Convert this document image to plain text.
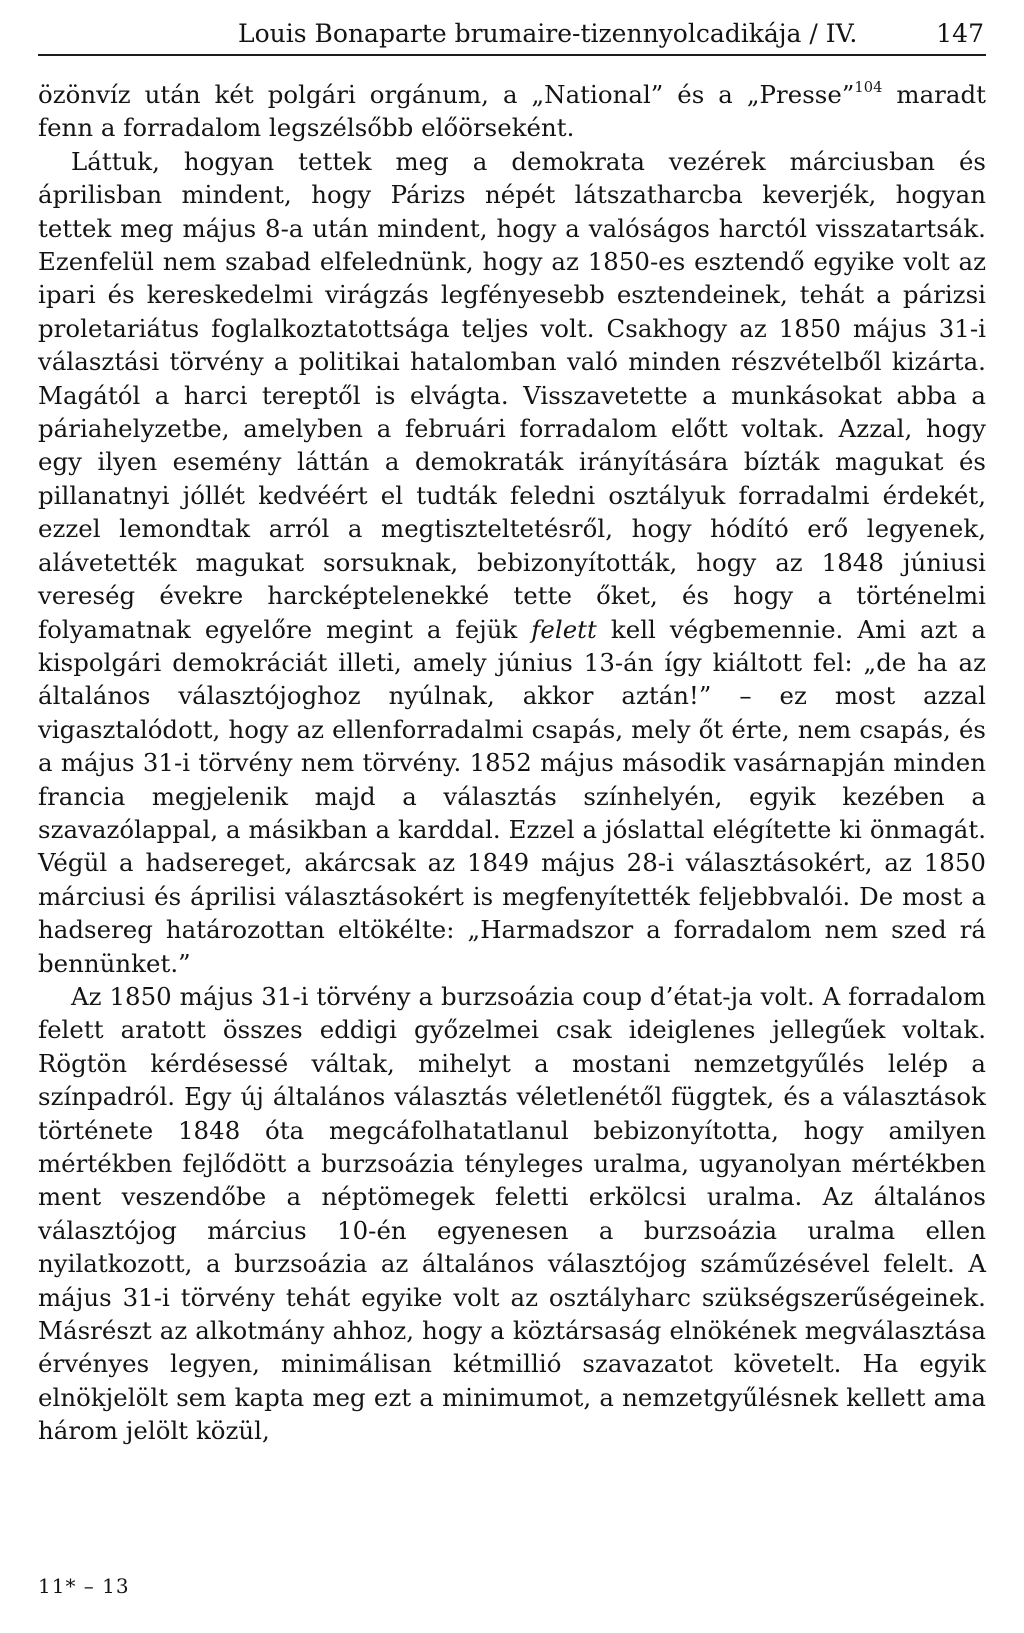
Louis Bonaparte brumaire-tizennyolcadikája / IV.	147

özönvíz után két polgári orgánum, a „National” és a „Presse”$^{104}$ maradt fenn a forradalom legszélsőbb előörseként.

Láttuk, hogyan tettek meg a demokrata vezérek márciusban és áprilisban mindent, hogy Párizs népét látszatharcba keverjék, hogyan tettek meg május 8-a után mindent, hogy a valóságos harctól visszatartsák. Ezenfelül nem szabad elfelednünk, hogy az 1850-es esztendő egyike volt az ipari és kereskedelmi virágzás legfényesebb esztendeinek, tehát a párizsi proletariátus foglalkoztatottsága teljes volt. Csakhogy az 1850 május 31-i választási törvény a politikai hatalomban való minden részvételből kizárta. Magától a harci tereptől is elvágta. Visszavetette a munkásokat abba a páriahelyzetbe, amelyben a februári forradalom előtt voltak. Azzal, hogy egy ilyen esemény láttán a demokraták irányítására bízták magukat és pillanatnyi jóllét kedvéért el tudták feledni osztályuk forradalmi érdekét, ezzel lemondtak arról a megtiszteltetésről, hogy hódító erő legyenek, alávetették magukat sorsuknak, bebizonyították, hogy az 1848 júniusi vereség évekre harcképtelenekké tette őket, és hogy a történelmi folyamatnak egyelőre megint a fejük felett kell végbemennie. Ami azt a kispolgári demokráciát illeti, amely június 13-án így kiáltott fel: „de ha az általános választójoghoz nyúlnak, akkor aztán!” – ez most azzal vigasztalódott, hogy az ellenforradalmi csapás, mely őt érte, nem csapás, és a május 31-i törvény nem törvény. 1852 május második vasárnapján minden francia megjelenik majd a választás színhelyén, egyik kezében a szavazólappal, a másikban a karddal. Ezzel a jóslattal elégítette ki önmagát. Végül a hadsereget, akárcsak az 1849 május 28-i választásokért, az 1850 márciusi és áprilisi választásokért is megfenyítették feljebbvalói. De most a hadsereg határozottan eltökélte: „Harmadszor a forradalom nem szed rá bennünket.”

Az 1850 május 31-i törvény a burzsoázia coup d’état-ja volt. A forradalom felett aratott összes eddigi győzelmei csak ideiglenes jellegűek voltak. Rögtön kérdésessé váltak, mihelyt a mostani nemzetgyűlés lelép a színpadról. Egy új általános választás véletlenétől függtek, és a választások története 1848 óta megcáfolhatatlanul bebizonyította, hogy amilyen mértékben fejlődött a burzsoázia tényleges uralma, ugyanolyan mértékben ment veszendőbe a néptömegek feletti erkölcsi uralma. Az általános választójog március 10-én egyenesen a burzsoázia uralma ellen nyilatkozott, a burzsoázia az általános választójog száműzésével felelt. A május 31-i törvény tehát egyike volt az osztályharc szükségszerűségeinek. Másrészt az alkotmány ahhoz, hogy a köztársaság elnökének megválasztása érvényes legyen, minimálisan kétmillió szavazatot követelt. Ha egyik elnökjelölt sem kapta meg ezt a minimumot, a nemzetgyűlésnek kellett ama három jelölt közül,

11* – 13
